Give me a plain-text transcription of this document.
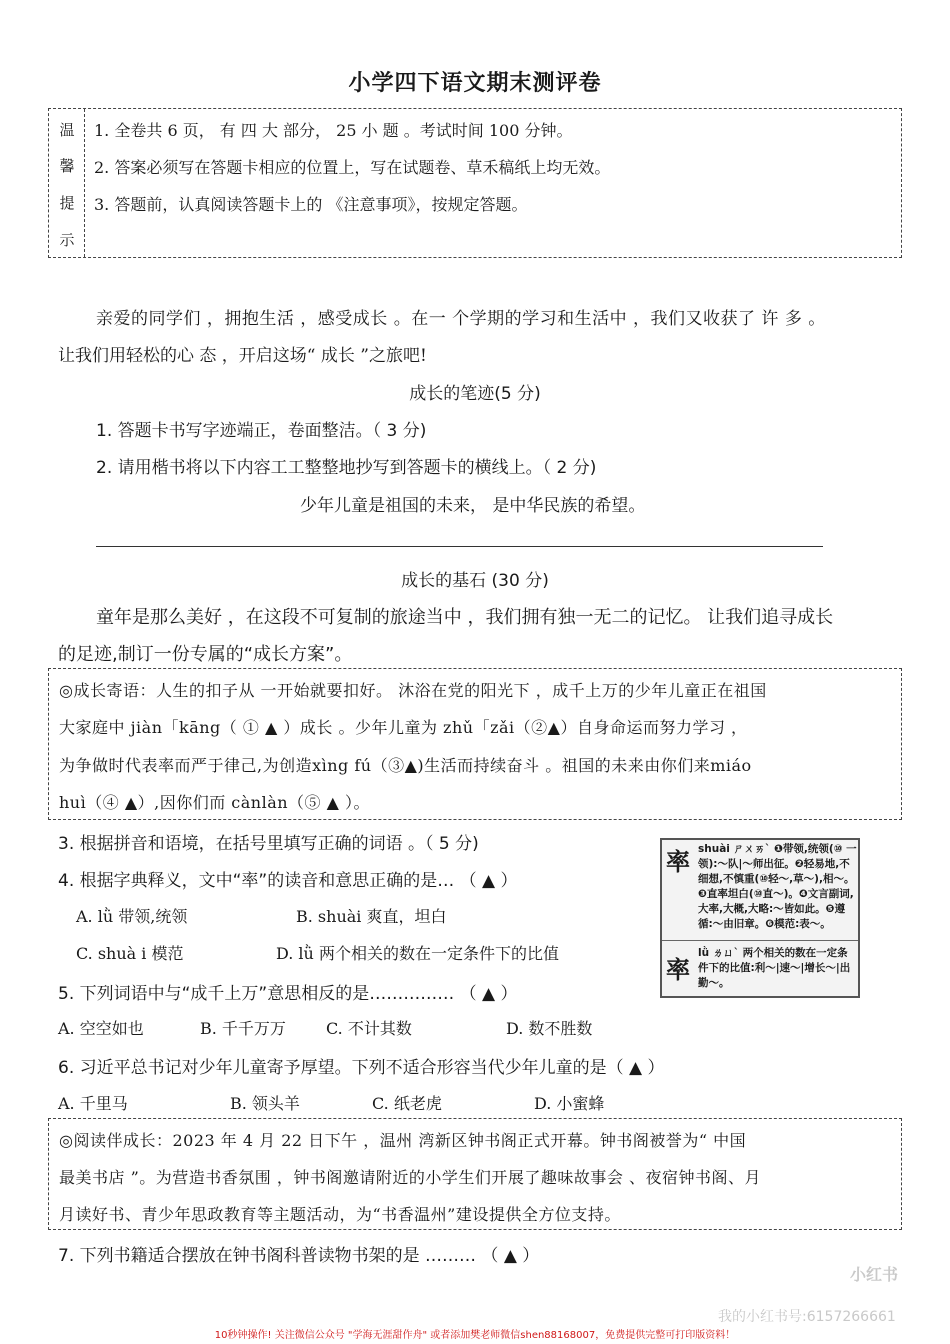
小学四下语文期末测评卷
温
馨
提
示
1. 全卷共 6 页， 有 四 大 部分， 25 小 题 。考试时间 100 分钟。
2. 答案必须写在答题卡相应的位置上，写在试题卷、草禾稿纸上均无效。
3. 答题前，认真阅读答题卡上的 《注意事项》，按规定答题。
亲爱的同学们 ，拥抱生活 ，感受成长 。在一 个学期的学习和生活中 ，我们又收获了 许 多 。
让我们用轻松的心 态 ，开启这场“ 成长 ”之旅吧!
成长的笔迹(5 分)
1. 答题卡书写字迹端正，卷面整洁。（ 3 分)
2. 请用楷书将以下内容工工整整地抄写到答题卡的横线上。（ 2 分)
少年儿童是祖国的未来， 是中华民族的希望。
成长的基石 (30 分)
童年是那么美好 ，在这段不可复制的旅途当中 ，我们拥有独一无二的记忆。 让我们追寻成长
的足迹,制订一份专属的“成长方案”。
◎成长寄语：人生的扣子从 一开始就要扣好。 沐浴在党的阳光下 ，成千上万的少年儿童正在祖国
大家庭中 jiàn「kāng（ ① ▲ ）成长 。少年儿童为 zhǔ「zǎi（②▲）自身命运而努力学习 ，
为争做时代表率而严于律己,为创造xìng fú（③▲)生活而持续奋斗 。祖国的未来由你们来miáo
huì（④ ▲）,因你们而 cànlàn（⑤ ▲ ）。
3. 根据拼音和语境，在括号里填写正确的词语 。（ 5 分)
4. 根据字典释义，文中“率”的读音和意思正确的是… （ ▲ ）
A. lǜ 带领,统领	B. shuài 爽直，坦白
C. shuà i 模范	D. lǜ 两个相关的数在一定条件下的比值
率 shuài ㄕㄨㄞˋ ❶带领,统领(⑩ 一领):～队|～师出征。❷轻易地,不细想,不慎重(⑩轻～,草～),相～。❸直率坦白(⑩直～)。❹文言副词,大率,大概,大略:～皆如此。❺遵循:～由旧章。❻模范:表～。
率
lǜ ㄌㄩˋ 两个相关的数在一定条件下的比值:利～|速～|增长～|出勤～。
5. 下列词语中与“成千上万”意思相反的是…………… （ ▲ ）
A. 空空如也	B. 千千万万	C. 不计其数	D. 数不胜数
6. 习近平总书记对少年儿童寄予厚望。下列不适合形容当代少年儿童的是（ ▲ ）
A. 千里马	B. 领头羊	C. 纸老虎	D. 小蜜蜂
◎阅读伴成长：2023 年 4 月 22 日下午 ，温州 湾新区钟书阁正式开幕。钟书阁被誉为“ 中国
最美书店 ”。为营造书香氛围 ，钟书阁邀请附近的小学生们开展了趣味故事会 、夜宿钟书阁、月
月读好书、青少年思政教育等主题活动，为“书香温州”建设提供全方位支持。
7. 下列书籍适合摆放在钟书阁科普读物书架的是 ……… （ ▲ ）
小红书
我的小红书号:6157266661
10秒钟操作! 关注微信公众号 "学海无涯甜作舟" 或者添加樊老师微信shen88168007，免费提供完整可打印版资料！
